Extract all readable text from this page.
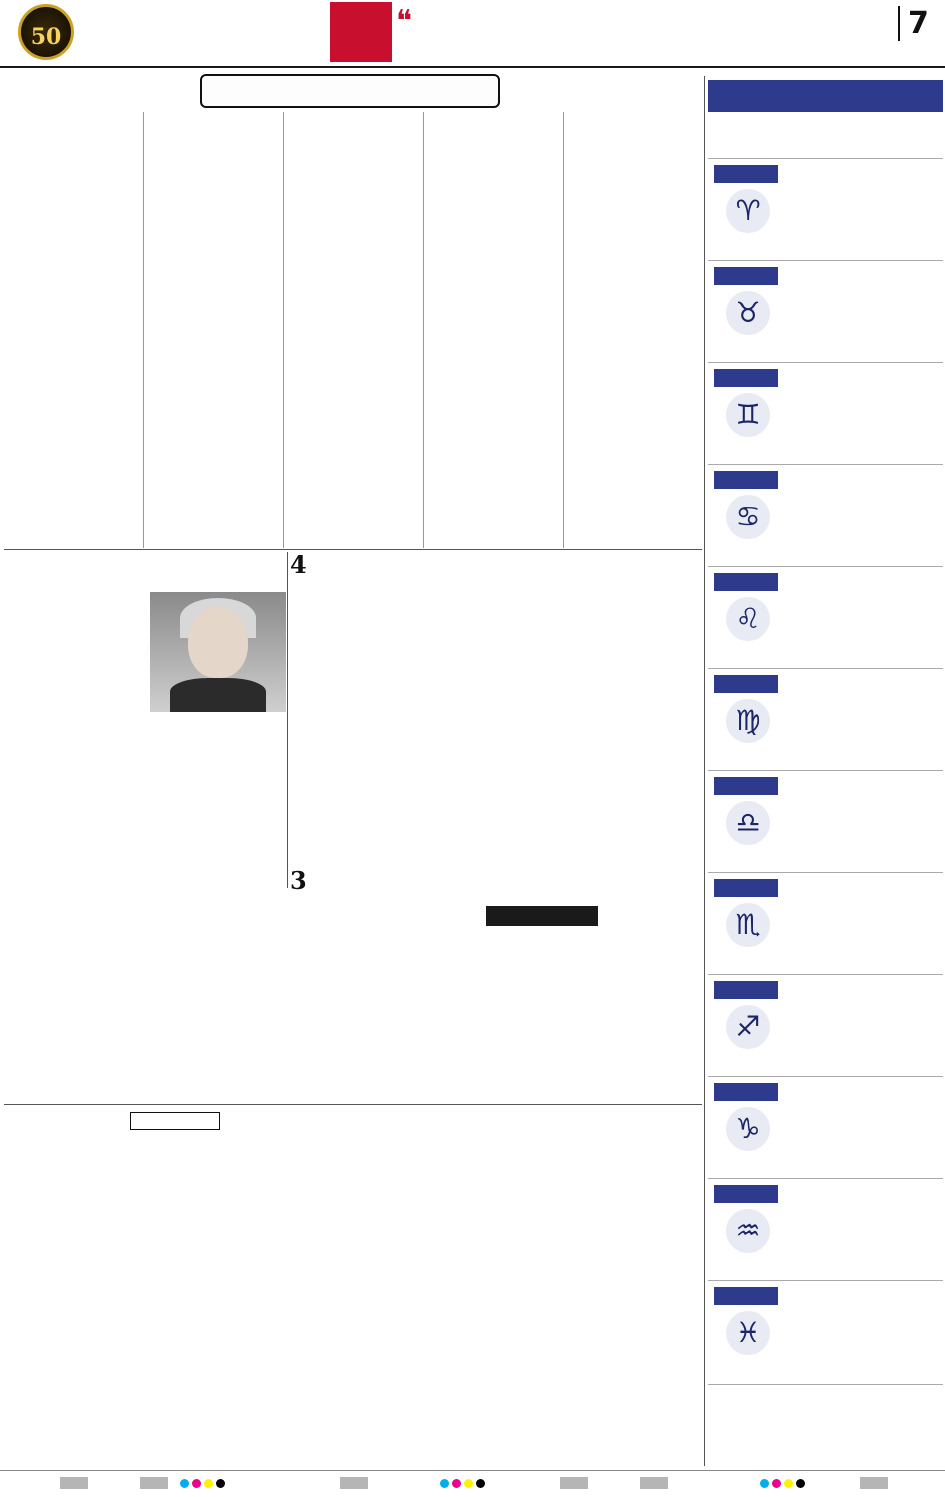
50	❝	7
♈
♉
♊
♋
♌
♍
♎
♏
♐
♑
♒
♓
4
3
